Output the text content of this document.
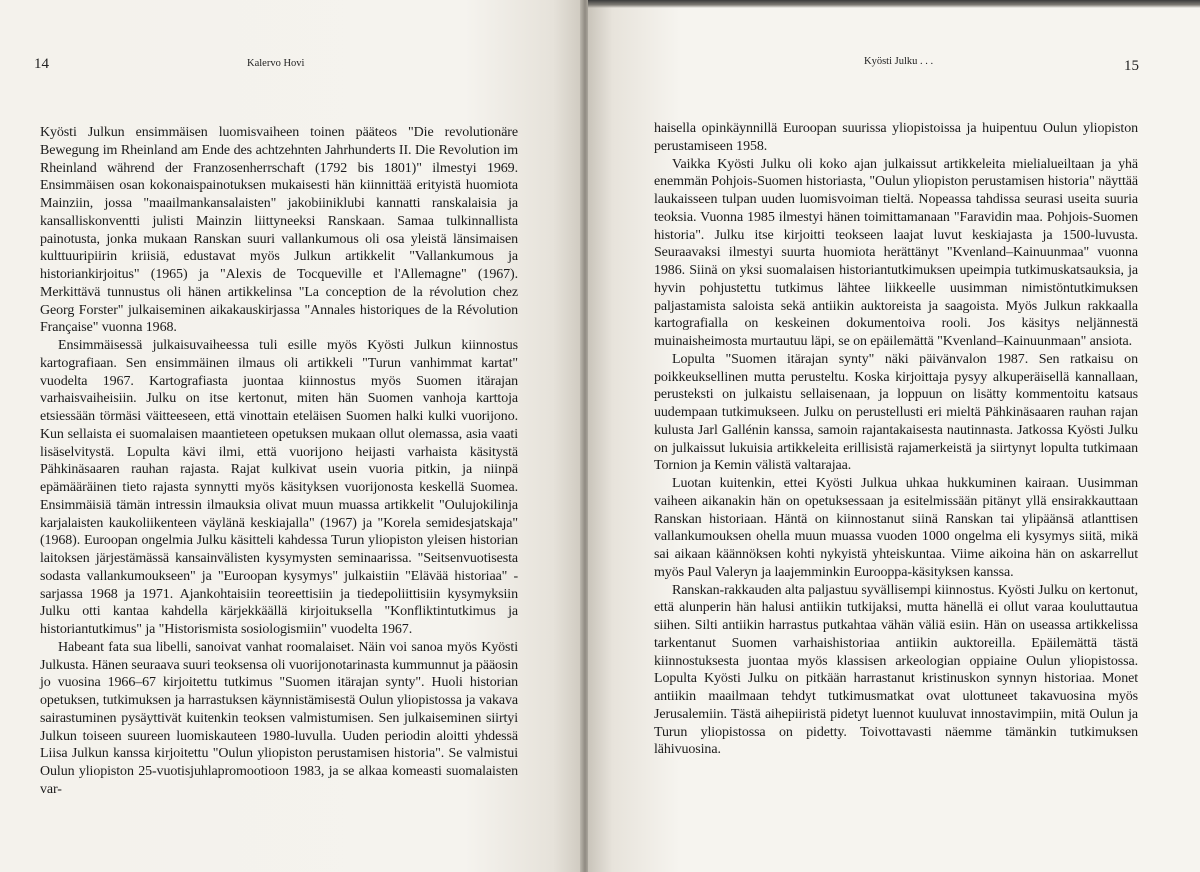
14	Kalervo Hovi

Kyösti Julkun ensimmäisen luomisvaiheen toinen pääteos "Die revolutionäre Bewegung im Rheinland am Ende des achtzehnten Jahrhunderts II. Die Revolution im Rheinland während der Franzosenherrschaft (1792 bis 1801)" ilmestyi 1969. Ensimmäisen osan kokonaispainotuksen mukaisesti hän kiinnittää erityistä huomiota Mainziin, jossa "maailmankansalaisten" jakobiiniklubi kannatti ranskalaisia ja kansalliskonventti julisti Mainzin liittyneeksi Ranskaan. Samaa tulkinnallista painotusta, jonka mukaan Ranskan suuri vallankumous oli osa yleistä länsimaisen kulttuuripiirin kriisiä, edustavat myös Julkun artikkelit "Vallankumous ja historiankirjoitus" (1965) ja "Alexis de Tocqueville et l'Allemagne" (1967). Merkittävä tunnustus oli hänen artikkelinsa "La conception de la révolution chez Georg Forster" julkaiseminen aikakauskirjassa "Annales historiques de la Révolution Française" vuonna 1968.

Ensimmäisessä julkaisuvaiheessa tuli esille myös Kyösti Julkun kiinnostus kartografiaan. Sen ensimmäinen ilmaus oli artikkeli "Turun vanhimmat kartat" vuodelta 1967. Kartografiasta juontaa kiinnostus myös Suomen itärajan varhaisvaiheisiin. Julku on itse kertonut, miten hän Suomen vanhoja karttoja etsiessään törmäsi väitteeseen, että vinottain eteläisen Suomen halki kulki vuorijono. Kun sellaista ei suomalaisen maantieteen opetuksen mukaan ollut olemassa, asia vaati lisäselvitystä. Lopulta kävi ilmi, että vuorijono heijasti varhaista käsitystä Pähkinäsaaren rauhan rajasta. Rajat kulkivat usein vuoria pitkin, ja niinpä epämääräinen tieto rajasta synnytti myös käsityksen vuorijonosta keskellä Suomea. Ensimmäisiä tämän intressin ilmauksia olivat muun muassa artikkelit "Oulujokilinja karjalaisten kaukoliikenteen väylänä keskiajalla" (1967) ja "Korela semidesjatskaja" (1968). Euroopan ongelmia Julku käsitteli kahdessa Turun yliopiston yleisen historian laitoksen järjestämässä kansainvälisten kysymysten seminaarissa. "Seitsenvuotisesta sodasta vallankumoukseen" ja "Euroopan kysymys" julkaistiin "Elävää historiaa" -sarjassa 1968 ja 1971. Ajankohtaisiin teoreettisiin ja tiedepoliittisiin kysymyksiin Julku otti kantaa kahdella kärjekkäällä kirjoituksella "Konfliktintutkimus ja historiantutkimus" ja "Historismista sosiologismiin" vuodelta 1967.

Habeant fata sua libelli, sanoivat vanhat roomalaiset. Näin voi sanoa myös Kyösti Julkusta. Hänen seuraava suuri teoksensa oli vuorijonotarinasta kummunnut ja pääosin jo vuosina 1966–67 kirjoitettu tutkimus "Suomen itärajan synty". Huoli historian opetuksen, tutkimuksen ja harrastuksen käynnistämisestä Oulun yliopistossa ja vakava sairastuminen pysäyttivät kuitenkin teoksen valmistumisen. Sen julkaiseminen siirtyi Julkun toiseen suureen luomiskauteen 1980-luvulla. Uuden periodin aloitti yhdessä Liisa Julkun kanssa kirjoitettu "Oulun yliopiston perustamisen historia". Se valmistui Oulun yliopiston 25-vuotisjuhlapromootioon 1983, ja se alkaa komeasti suomalaisten var-

Kyösti Julku . . .	15

haisella opinkäynnillä Euroopan suurissa yliopistoissa ja huipentuu Oulun yliopiston perustamiseen 1958.

Vaikka Kyösti Julku oli koko ajan julkaissut artikkeleita mielialueiltaan ja yhä enemmän Pohjois-Suomen historiasta, "Oulun yliopiston perustamisen historia" näyttää laukaisseen tulpan uuden luomisvoiman tieltä. Nopeassa tahdissa seurasi useita suuria teoksia. Vuonna 1985 ilmestyi hänen toimittamanaan "Faravidin maa. Pohjois-Suomen historia". Julku itse kirjoitti teokseen laajat luvut keskiajasta ja 1500-luvusta. Seuraavaksi ilmestyi suurta huomiota herättänyt "Kvenland–Kainuunmaa" vuonna 1986. Siinä on yksi suomalaisen historiantutkimuksen upeimpia tutkimuskatsauksia, ja hyvin pohjustettu tutkimus lähtee liikkeelle uusimman nimistöntutkimuksen paljastamista saloista sekä antiikin auktoreista ja saagoista. Myös Julkun rakkaalla kartografialla on keskeinen dokumentoiva rooli. Jos käsitys neljännestä muinaisheimosta murtautuu läpi, se on epäilemättä "Kvenland–Kainuunmaan" ansiota.

Lopulta "Suomen itärajan synty" näki päivänvalon 1987. Sen ratkaisu on poikkeuksellinen mutta perusteltu. Koska kirjoittaja pysyy alkuperäisellä kannallaan, perusteksti on julkaistu sellaisenaan, ja loppuun on lisätty kommentoitu katsaus uudempaan tutkimukseen. Julku on perustellusti eri mieltä Pähkinäsaaren rauhan rajan kulusta Jarl Gallénin kanssa, samoin rajantakaisesta nautinnasta. Jatkossa Kyösti Julku on julkaissut lukuisia artikkeleita erillisistä rajamerkeistä ja siirtynyt lopulta tutkimaan Tornion ja Kemin välistä valtarajaa.

Luotan kuitenkin, ettei Kyösti Julkua uhkaa hukkuminen kairaan. Uusimman vaiheen aikanakin hän on opetuksessaan ja esitelmissään pitänyt yllä ensirakkauttaan Ranskan historiaan. Häntä on kiinnostanut siinä Ranskan tai ylipäänsä atlanttisen vallankumouksen ohella muun muassa vuoden 1000 ongelma eli kysymys siitä, mikä sai aikaan käännöksen kohti nykyistä yhteiskuntaa. Viime aikoina hän on askarrellut myös Paul Valeryn ja laajemminkin Eurooppa-käsityksen kanssa.

Ranskan-rakkauden alta paljastuu syvällisempi kiinnostus. Kyösti Julku on kertonut, että alunperin hän halusi antiikin tutkijaksi, mutta hänellä ei ollut varaa kouluttautua siihen. Silti antiikin harrastus putkahtaa vähän väliä esiin. Hän on useassa artikkelissa tarkentanut Suomen varhaishistoriaa antiikin auktoreilla. Epäilemättä tästä kiinnostuksesta juontaa myös klassisen arkeologian oppiaine Oulun yliopistossa. Lopulta Kyösti Julku on pitkään harrastanut kristinuskon synnyn historiaa. Monet antiikin maailmaan tehdyt tutkimusmatkat ovat ulottuneet takavuosina myös Jerusalemiin. Tästä aihepiiristä pidetyt luennot kuuluvat innostavimpiin, mitä Oulun ja Turun yliopistossa on pidetty. Toivottavasti näemme tämänkin tutkimuksen lähivuosina.
